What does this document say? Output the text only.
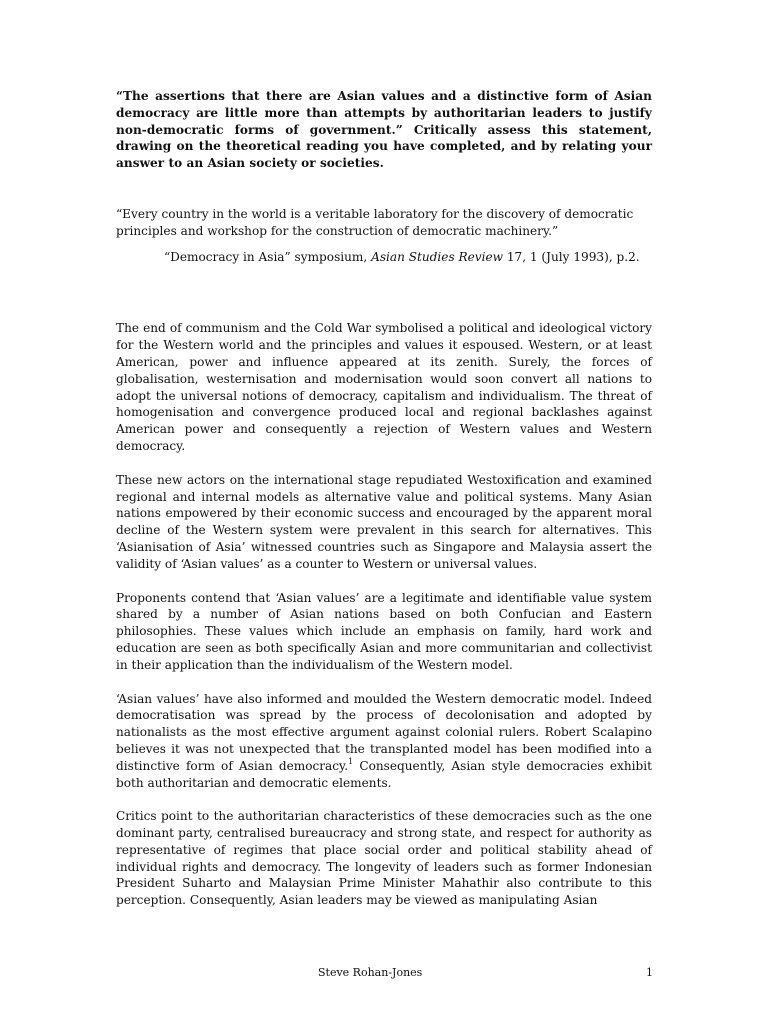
“The assertions that there are Asian values and a distinctive form of Asian democracy are little more than attempts by authoritarian leaders to justify non-democratic forms of government.” Critically assess this statement, drawing on the theoretical reading you have completed, and by relating your answer to an Asian society or societies.

“Every country in the world is a veritable laboratory for the discovery of democratic principles and workshop for the construction of democratic machinery.”

“Democracy in Asia” symposium, Asian Studies Review 17, 1 (July 1993), p.2.

The end of communism and the Cold War symbolised a political and ideological victory for the Western world and the principles and values it espoused. Western, or at least American, power and influence appeared at its zenith. Surely, the forces of globalisation, westernisation and modernisation would soon convert all nations to adopt the universal notions of democracy, capitalism and individualism. The threat of homogenisation and convergence produced local and regional backlashes against American power and consequently a rejection of Western values and Western democracy.

These new actors on the international stage repudiated Westoxification and examined regional and internal models as alternative value and political systems. Many Asian nations empowered by their economic success and encouraged by the apparent moral decline of the Western system were prevalent in this search for alternatives. This ‘Asianisation of Asia’ witnessed countries such as Singapore and Malaysia assert the validity of ‘Asian values’ as a counter to Western or universal values.

Proponents contend that ‘Asian values’ are a legitimate and identifiable value system shared by a number of Asian nations based on both Confucian and Eastern philosophies. These values which include an emphasis on family, hard work and education are seen as both specifically Asian and more communitarian and collectivist in their application than the individualism of the Western model.

‘Asian values’ have also informed and moulded the Western democratic model. Indeed democratisation was spread by the process of decolonisation and adopted by nationalists as the most effective argument against colonial rulers. Robert Scalapino believes it was not unexpected that the transplanted model has been modified into a distinctive form of Asian democracy.$^1$ Consequently, Asian style democracies exhibit both authoritarian and democratic elements.

Critics point to the authoritarian characteristics of these democracies such as the one dominant party, centralised bureaucracy and strong state, and respect for authority as representative of regimes that place social order and political stability ahead of individual rights and democracy. The longevity of leaders such as former Indonesian President Suharto and Malaysian Prime Minister Mahathir also contribute to this perception. Consequently, Asian leaders may be viewed as manipulating Asian

Steve Rohan-Jones	1
